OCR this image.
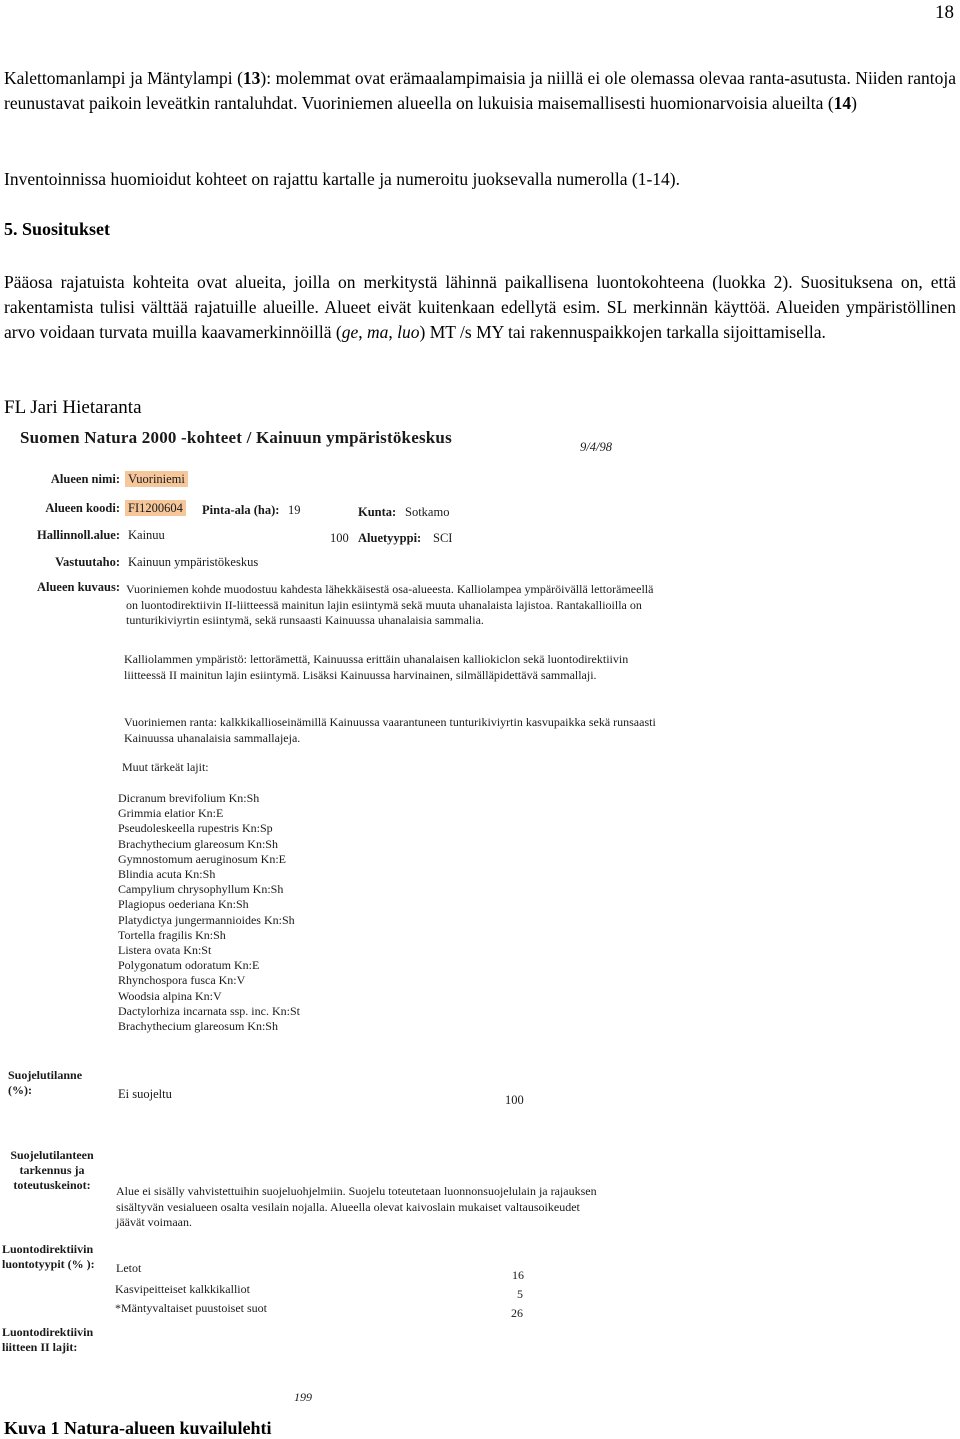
18
Kalettomanlampi ja Mäntylampi (13): molemmat ovat erämaalampimaisia ja niillä ei ole olemassa olevaa ranta-asutusta. Niiden rantoja reunustavat paikoin leveätkin rantaluhdat. Vuoriniemen alueella on lukuisia maisemallisesti huomionarvoisia alueilta (14)
Inventoinnissa huomioidut kohteet on rajattu kartalle ja numeroitu juoksevalla numerolla (1-14).
5. Suositukset
Pääosa rajatuista kohteita ovat alueita, joilla on merkitystä lähinnä paikallisena luontokohteena (luokka 2). Suosituksena on, että rakentamista tulisi välttää rajatuille alueille. Alueet eivät kuitenkaan edellytä esim. SL merkinnän käyttöä. Alueiden ympäristöllinen arvo voidaan turvata muilla kaavamerkinnöillä (ge, ma, luo) MT /s MY tai rakennuspaikkojen tarkalla sijoittamisella.
FL Jari Hietaranta
Suomen Natura 2000 -kohteet / Kainuun ympäristökeskus	9/4/98
Alueen nimi: Vuoriniemi
Alueen koodi: FI1200604 Pinta-ala (ha): 19	Kunta: Sotkamo
Hallinnoll.alue: Kainuu	100 Aluetyyppi: SCI
Vastuutaho: Kainuun ympäristökeskus
Alueen kuvaus: Vuoriniemen kohde muodostuu kahdesta lähekkäisestä osa-alueesta. Kalliolampea ympäröivällä lettorämeellä on luontodirektiivin II-liitteessä mainitun lajin esiintymä sekä muuta uhanalaista lajistoa. Rantakallioilla on tunturikiviyrtin esiintymä, sekä runsaasti Kainuussa uhanalaisia sammalia.
Kalliolammen ympäristö: lettorämettä, Kainuussa erittäin uhanalaisen kalliokiclon sekä luontodirektiivin liitteessä II mainitun lajin esiintymä. Lisäksi Kainuussa harvinainen, silmälläpidettävä sammallaji.
Vuoriniemen ranta: kalkkikallioseinämillä Kainuussa vaarantuneen tunturikiviyrtin kasvupaikka sekä runsaasti Kainuussa uhanalaisia sammallajeja.
Muut tärkeät lajit:
Dicranum brevifolium Kn:Sh
Grimmia elatior Kn:E
Pseudoleskeella rupestris Kn:Sp
Brachythecium glareosum Kn:Sh
Gymnostomum aeruginosum Kn:E
Blindia acuta Kn:Sh
Campylium chrysophyllum Kn:Sh
Plagiopus oederiana Kn:Sh
Platydictya jungermannioides Kn:Sh
Tortella fragilis Kn:Sh
Listera ovata Kn:St
Polygonatum odoratum Kn:E
Rhynchospora fusca Kn:V
Woodsia alpina Kn:V
Dactylorhiza incarnata ssp. inc. Kn:St
Brachythecium glareosum Kn:Sh
Suojelutilanne
(%):	Ei suojeltu	100
Suojelutilanteen
tarkennus ja
toteutuskeinot:	Alue ei sisälly vahvistettuihin suojeluohjelmiin. Suojelu toteutetaan luonnonsuojelulain ja rajauksen sisältyvän vesialueen osalta vesilain nojalla. Alueella olevat kaivoslain mukaiset valtausoikeudet jäävät voimaan.
Luontodirektiivin
luontotyypit (% ): Letot	16
Kasvipeitteiset kalkkikalliot	5
*Mäntyvaltaiset puustoiset suot	26
Luontodirektiivin
liitteen II lajit:
199
Kuva 1 Natura-alueen kuvailulehti
